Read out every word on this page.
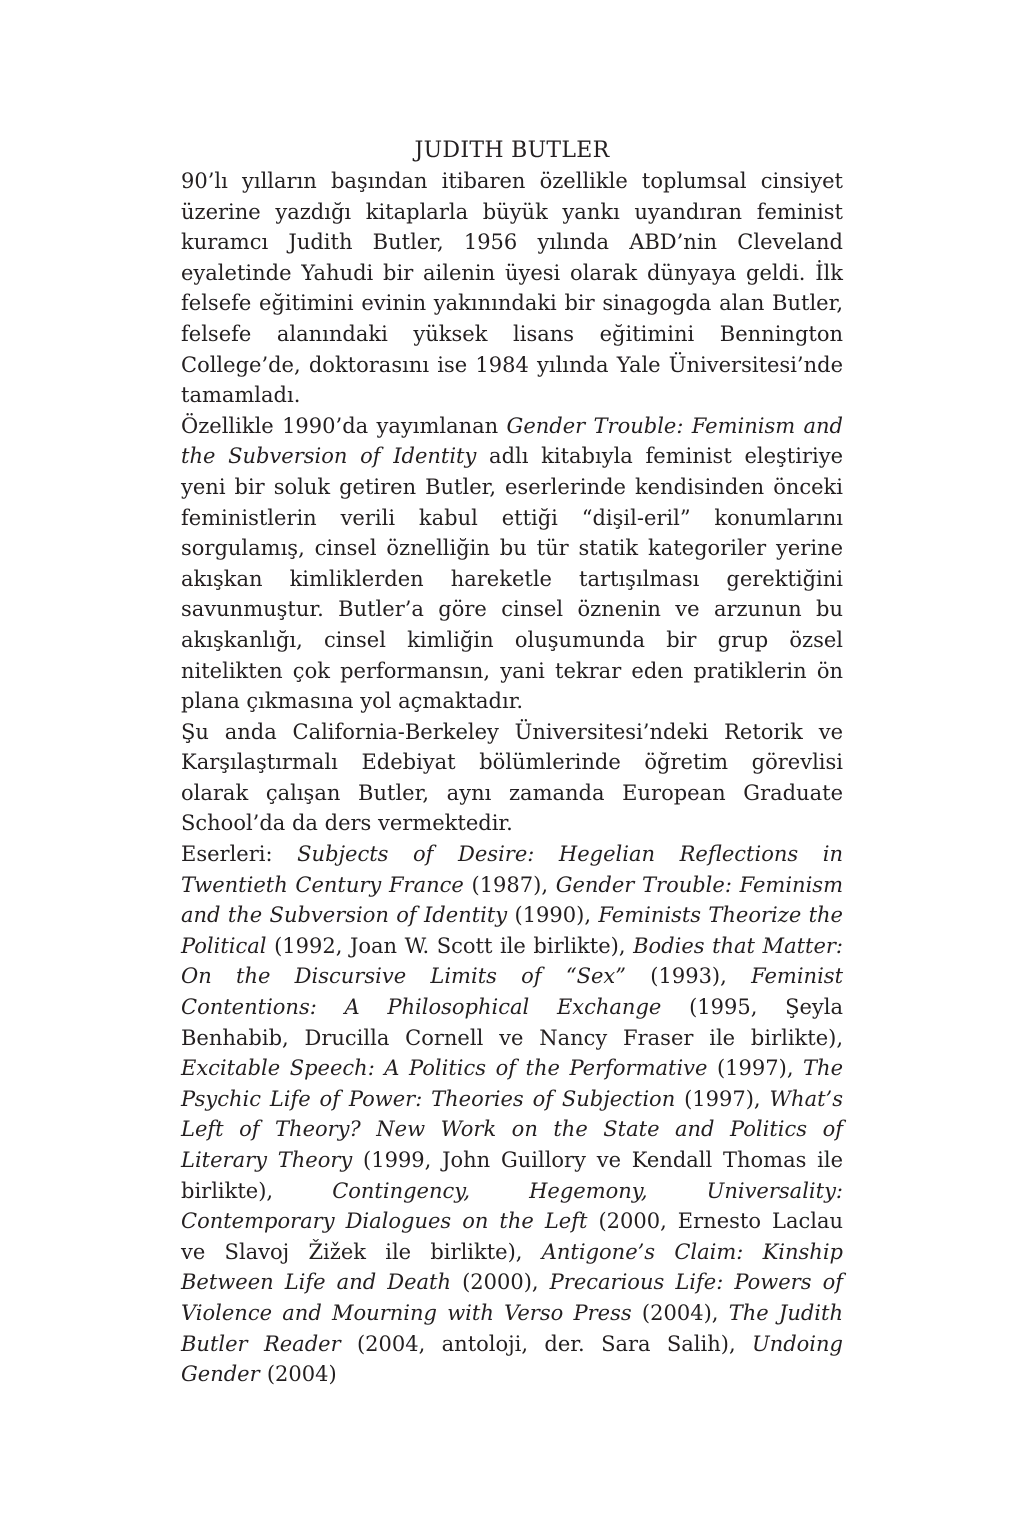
JUDITH BUTLER

90’lı yılların başından itibaren özellikle toplumsal cinsiyet üzerine yazdığı kitaplarla büyük yankı uyandıran feminist kuramcı Judith Butler, 1956 yılında ABD’nin Cleveland eyaletinde Yahudi bir ailenin üyesi olarak dünyaya geldi. İlk felsefe eğitimini evinin yakınındaki bir sinagogda alan Butler, felsefe alanındaki yüksek lisans eğitimini Bennington College’de, doktorasını ise 1984 yılında Yale Üniversitesi’nde tamamladı.

Özellikle 1990’da yayımlanan Gender Trouble: Feminism and the Subversion of Identity adlı kitabıyla feminist eleştiriye yeni bir soluk getiren Butler, eserlerinde kendisinden önceki feministlerin verili kabul ettiği “dişil-eril” konumlarını sorgulamış, cinsel öznelliğin bu tür statik kategoriler yerine akışkan kimliklerden hareketle tartışılması gerektiğini savunmuştur. Butler’a göre cinsel öznenin ve arzunun bu akışkanlığı, cinsel kimliğin oluşumunda bir grup özsel nitelikten çok performansın, yani tekrar eden pratiklerin ön plana çıkmasına yol açmaktadır.

Şu anda California-Berkeley Üniversitesi’ndeki Retorik ve Karşılaştırmalı Edebiyat bölümlerinde öğretim görevlisi olarak çalışan Butler, aynı zamanda European Graduate School’da da ders vermektedir.

Eserleri: Subjects of Desire: Hegelian Reflections in Twentieth Century France (1987), Gender Trouble: Feminism and the Subversion of Identity (1990), Feminists Theorize the Political (1992, Joan W. Scott ile birlikte), Bodies that Matter: On the Discursive Limits of “Sex” (1993), Feminist Contentions: A Philosophical Exchange (1995, Şeyla Benhabib, Drucilla Cornell ve Nancy Fraser ile birlikte), Excitable Speech: A Politics of the Performative (1997), The Psychic Life of Power: Theories of Subjection (1997), What’s Left of Theory? New Work on the State and Politics of Literary Theory (1999, John Guillory ve Kendall Thomas ile birlikte), Contingency, Hegemony, Universality: Contemporary Dialogues on the Left (2000, Ernesto Laclau ve Slavoj Žižek ile birlikte), Antigone’s Claim: Kinship Between Life and Death (2000), Precarious Life: Powers of Violence and Mourning with Verso Press (2004), The Judith Butler Reader (2004, antoloji, der. Sara Salih), Undoing Gender (2004)
